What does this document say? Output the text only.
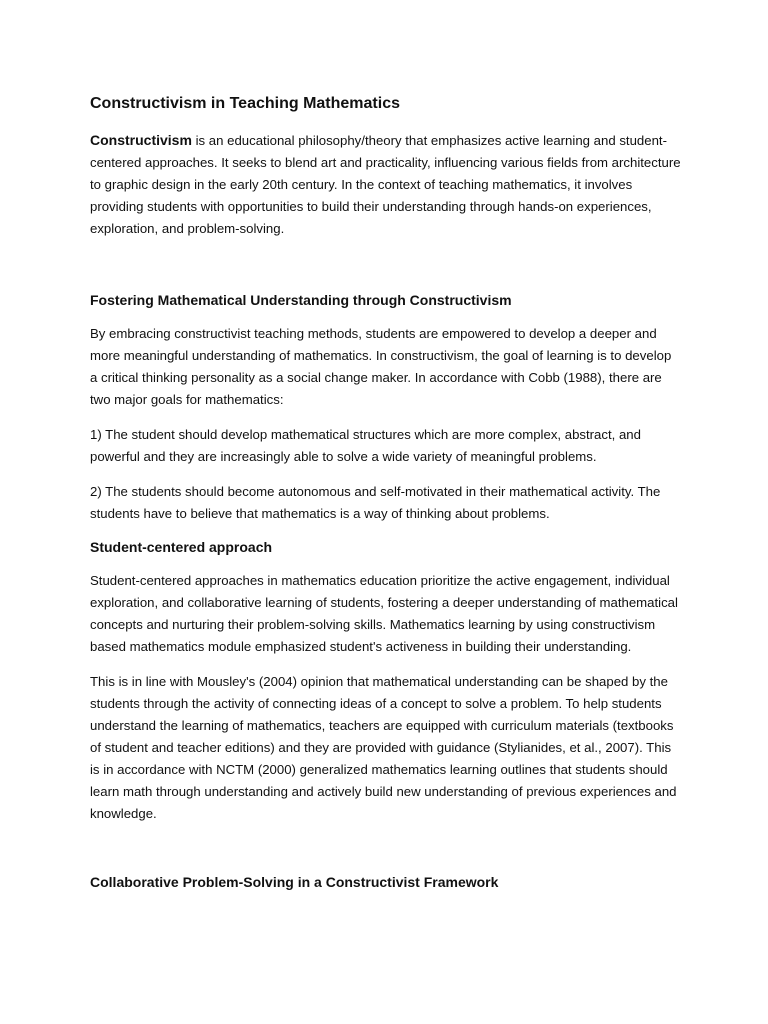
Constructivism in Teaching Mathematics

Constructivism is an educational philosophy/theory that emphasizes active learning and student-centered approaches. It seeks to blend art and practicality, influencing various fields from architecture to graphic design in the early 20th century. In the context of teaching mathematics, it involves providing students with opportunities to build their understanding through hands-on experiences, exploration, and problem-solving.

Fostering Mathematical Understanding through Constructivism

By embracing constructivist teaching methods, students are empowered to develop a deeper and more meaningful understanding of mathematics. In constructivism, the goal of learning is to develop a critical thinking personality as a social change maker. In accordance with Cobb (1988), there are two major goals for mathematics:

1) The student should develop mathematical structures which are more complex, abstract, and powerful and they are increasingly able to solve a wide variety of meaningful problems.

2) The students should become autonomous and self-motivated in their mathematical activity. The students have to believe that mathematics is a way of thinking about problems.

Student-centered approach

Student-centered approaches in mathematics education prioritize the active engagement, individual exploration, and collaborative learning of students, fostering a deeper understanding of mathematical concepts and nurturing their problem-solving skills. Mathematics learning by using constructivism based mathematics module emphasized student's activeness in building their understanding.

This is in line with Mousley's (2004) opinion that mathematical understanding can be shaped by the students through the activity of connecting ideas of a concept to solve a problem. To help students understand the learning of mathematics, teachers are equipped with curriculum materials (textbooks of student and teacher editions) and they are provided with guidance (Stylianides, et al., 2007). This is in accordance with NCTM (2000) generalized mathematics learning outlines that students should learn math through understanding and actively build new understanding of previous experiences and knowledge.

Collaborative Problem-Solving in a Constructivist Framework
